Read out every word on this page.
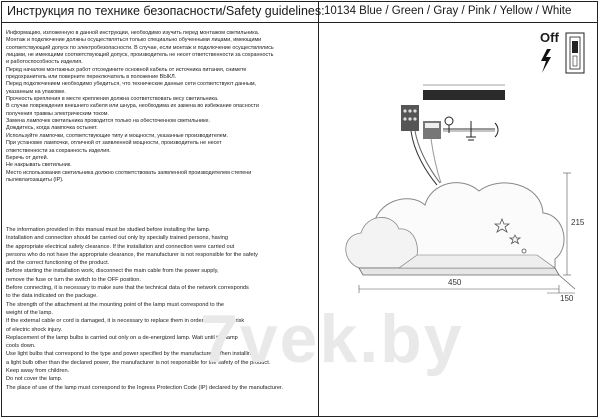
Инструкция по технике безопасности/Safety guidelines: 10134 Blue / Green / Gray / Pink / Yellow / White
Информацию, изложенную в данной инструкции, необходимо изучить перед монтажом светильника.
Монтаж и подключение должны осуществляться только специально обученными лицами, имеющими
соответствующий допуск по электробезопасности. В случае, если монтаж и подключение осуществлялись
лицами, не имеющими соответствующий допуск, производитель не несет ответственности за сохранность
и работоспособность изделия.
Перед началом монтажных работ отсоедините основной кабель от источника питания, сниметe
предохранитель или поверните переключатель в положение ВЫКЛ.
Перед подключением необходимо убедиться, что технические данные сети соответствуют данным,
указанным на упаковке.
Прочность крепления в месте крепления должна соответствовать весу светильника.
В случае повреждения внешнего кабеля или шнура, необходима их замена во избежание опасности
получения травмы электрическим током.
Замена лампочек светильника проводится только на обесточенном светильнике.
Дождитесь, когда лампочка остынет.
Используйте лампочки, соответствующие типу и мощности, указанные производителем.
При установке лампочки, отличной от заявленной мощности, производитель не несет
ответственности за сохранность изделия.
Беречь от детей.
Не накрывать светильник.
Место использования светильника должно соответствовать заявленной производителем степени
пылевлагозащиты (IP).
The information provided in this manual must be studied before installing the lamp.
Installation and connection should be carried out only by specially trained persons, having
the appropriate electrical safety clearance. If the installation and connection were carried out
persons who do not have the appropriate clearance, the manufacturer is not responsible for the safety
and the correct functioning of the product.
Before starting the installation work, disconnect the main cable from the power supply,
remove the fuse or turn the switch to the OFF position.
Before connecting, it is necessary to make sure that the technical data of the network corresponds
to the data indicated on the package.
The strength of the attachment at the mounting point of the lamp must correspond to the
weight of the lamp.
If the external cable or cord is damaged, it is necessary to replace them in order to avoid the risk
of electric shock injury.
Replacement of the lamp bulbs is carried out only on a de-energized lamp. Wait until the lamp
cools down.
Use light bulbs that correspond to the type and power specified by the manufacturer. When installing
a light bulb other than the declared power, the manufacturer is not responsible for the safety of the product.
Keep away from children.
Do not cover the lamp.
The place of use of the lamp must correspond to the Ingress Protection Code (IP) declared by the manufacturer.
7vek.by
Off
450
215
150
